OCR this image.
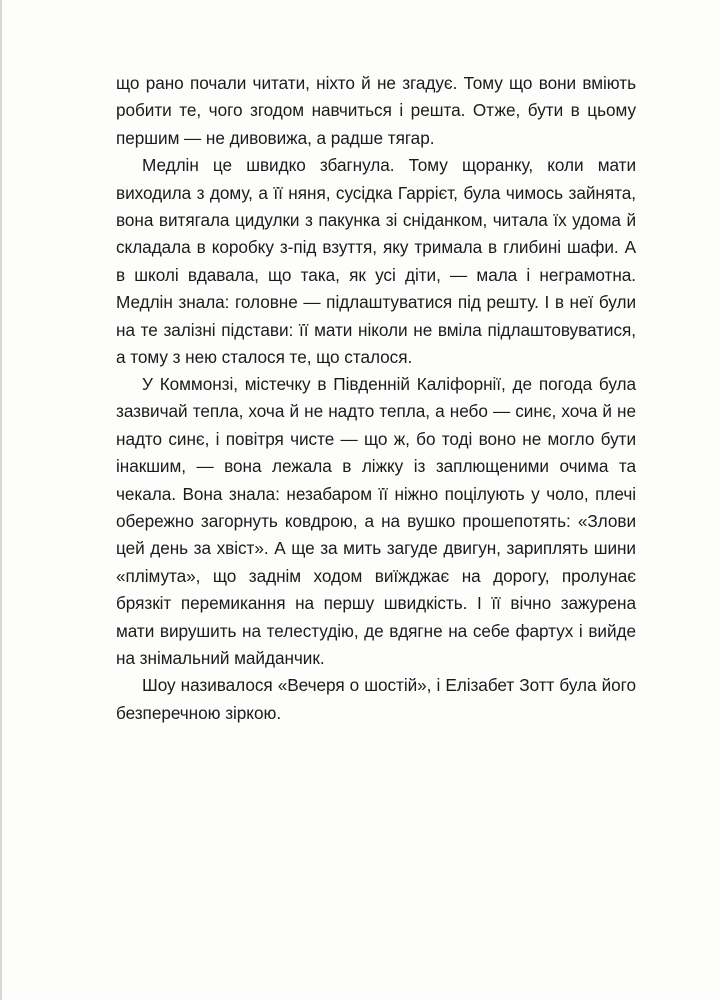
що рано почали читати, ніхто й не згадує. Тому що вони вміють робити те, чого згодом навчиться і решта. Отже, бути в цьому першим — не дивовижа, а радше тягар.

Медлін це швидко збагнула. Тому щоранку, коли мати виходила з дому, а її няня, сусідка Гаррієт, була чимось зайнята, вона витягала цидулки з пакунка зі сніданком, читала їх удома й складала в коробку з-під взуття, яку тримала в глибині шафи. А в школі вдавала, що така, як усі діти, — мала і неграмотна. Медлін знала: головне — підлаштуватися під решту. І в неї були на те залізні підстави: її мати ніколи не вміла підлаштовуватися, а тому з нею сталося те, що сталося.

У Коммонзі, містечку в Південній Каліфорнії, де погода була зазвичай тепла, хоча й не надто тепла, а небо — синє, хоча й не надто синє, і повітря чисте — що ж, бо тоді воно не могло бути інакшим, — вона лежала в ліжку із заплющеними очима та чекала. Вона знала: незабаром її ніжно поцілують у чоло, плечі обережно загорнуть ковдрою, а на вушко прошепотять: «Злови цей день за хвіст». А ще за мить загуде двигун, зариплять шини «плімута», що заднім ходом виїжджає на дорогу, пролунає брязкіт перемикання на першу швидкість. І її вічно зажурена мати вирушить на телестудію, де вдягне на себе фартух і вийде на знімальний майданчик.

Шоу називалося «Вечеря о шостій», і Елізабет Зотт була його безперечною зіркою.
